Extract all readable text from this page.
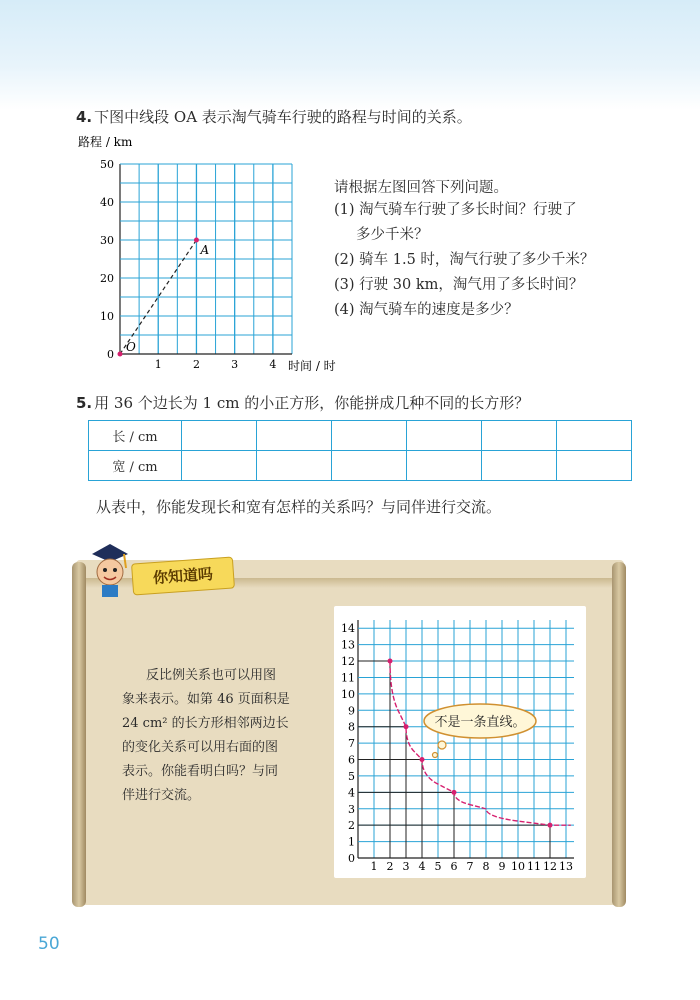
4. 下图中线段 OA 表示淘气骑车行驶的路程与时间的关系。
0
10
20
30
40
50
1	2	3	4
O
A
路程 / km
时间 / 时
请根据左图回答下列问题。
(1) 淘气骑车行驶了多长时间？行驶了
多少千米？
(2) 骑车 1.5 时，淘气行驶了多少千米？
(3) 行驶 30 km，淘气用了多长时间？
(4) 淘气骑车的速度是多少？
5. 用 36 个边长为 1 cm 的小正方形，你能拼成几种不同的长方形？
长 / cm						
宽 / cm						
从表中，你能发现长和宽有怎样的关系吗？与同伴进行交流。
你知道吗
反比例关系也可以用图
象来表示。如第 46 页面积是
24 cm² 的长方形相邻两边长
的变化关系可以用右面的图
表示。你能看明白吗？与同
伴进行交流。
0
1
2
3
4
5
6
7
8
9
10
11
12
13
14
1 2 3 4 5 6 7 8 9 10 11 12 13
不是一条直线。
50
